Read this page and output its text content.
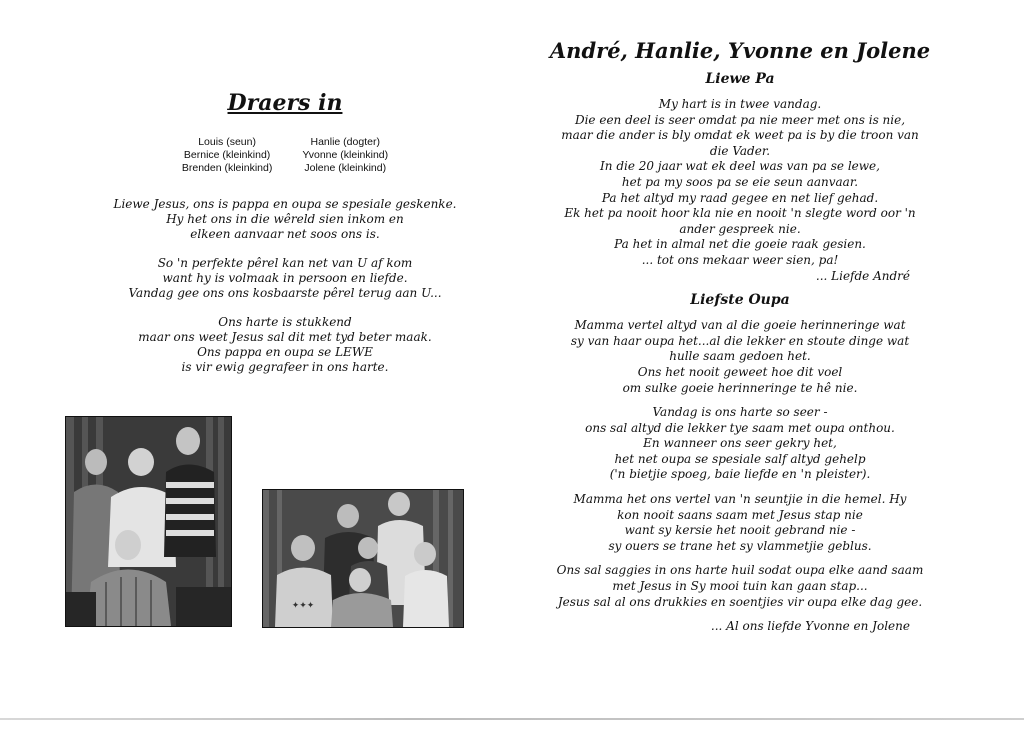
Draers in
Louis (seun)
Bernice (kleinkind)
Brenden (kleinkind)
Hanlie (dogter)
Yvonne (kleinkind)
Jolene (kleinkind)
Liewe Jesus, ons is pappa en oupa se spesiale geskenke.
Hy het ons in die wêreld sien inkom en
elkeen aanvaar net soos ons is.
So 'n perfekte pêrel kan net van U af kom
want hy is volmaak in persoon en liefde.
Vandag gee ons ons kosbaarste pêrel terug aan U...
Ons harte is stukkend
maar ons weet Jesus sal dit met tyd beter maak.
Ons pappa en oupa se LEWE
is vir ewig gegrafeer in ons harte.
✦✦✦
André, Hanlie, Yvonne en Jolene
Liewe Pa
My hart is in twee vandag.
Die een deel is seer omdat pa nie meer met ons is nie,
maar die ander is bly omdat ek weet pa is by die troon van
die Vader.
In die 20 jaar wat ek deel was van pa se lewe,
het pa my soos pa se eie seun aanvaar.
Pa het altyd my raad gegee en net lief gehad.
Ek het pa nooit hoor kla nie en nooit 'n slegte word oor 'n
ander gespreek nie.
Pa het in almal net die goeie raak gesien.
... tot ons mekaar weer sien, pa!
... Liefde André
Liefste Oupa
Mamma vertel altyd van al die goeie herinneringe wat
sy van haar oupa het...al die lekker en stoute dinge wat
hulle saam gedoen het.
Ons het nooit geweet hoe dit voel
om sulke goeie herinneringe te hê nie.
Vandag is ons harte so seer -
ons sal altyd die lekker tye saam met oupa onthou.
En wanneer ons seer gekry het,
het net oupa se spesiale salf altyd gehelp
('n bietjie spoeg, baie liefde en 'n pleister).
Mamma het ons vertel van 'n seuntjie in die hemel. Hy
kon nooit saans saam met Jesus stap nie
want sy kersie het nooit gebrand nie -
sy ouers se trane het sy vlammetjie geblus.
Ons sal saggies in ons harte huil sodat oupa elke aand saam
met Jesus in Sy mooi tuin kan gaan stap...
Jesus sal al ons drukkies en soentjies vir oupa elke dag gee.
... Al ons liefde Yvonne en Jolene
